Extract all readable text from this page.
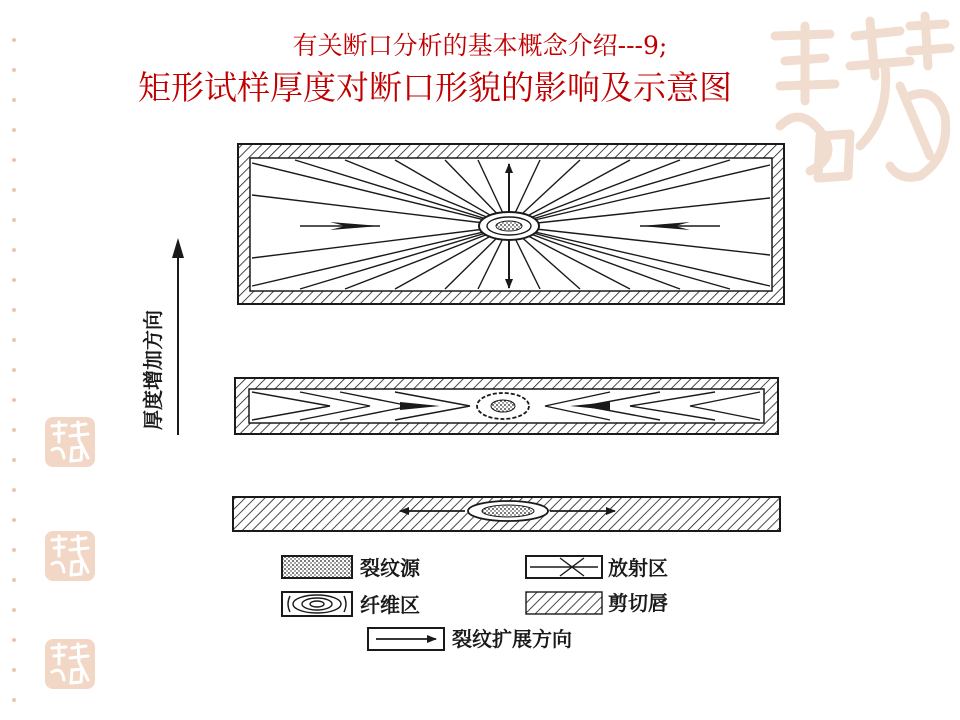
有关断口分析的基本概念介绍---9;
矩形试样厚度对断口形貌的影响及示意图
厚度增加方向
裂纹源	放射区
纤维区	剪切唇
裂纹扩展方向
